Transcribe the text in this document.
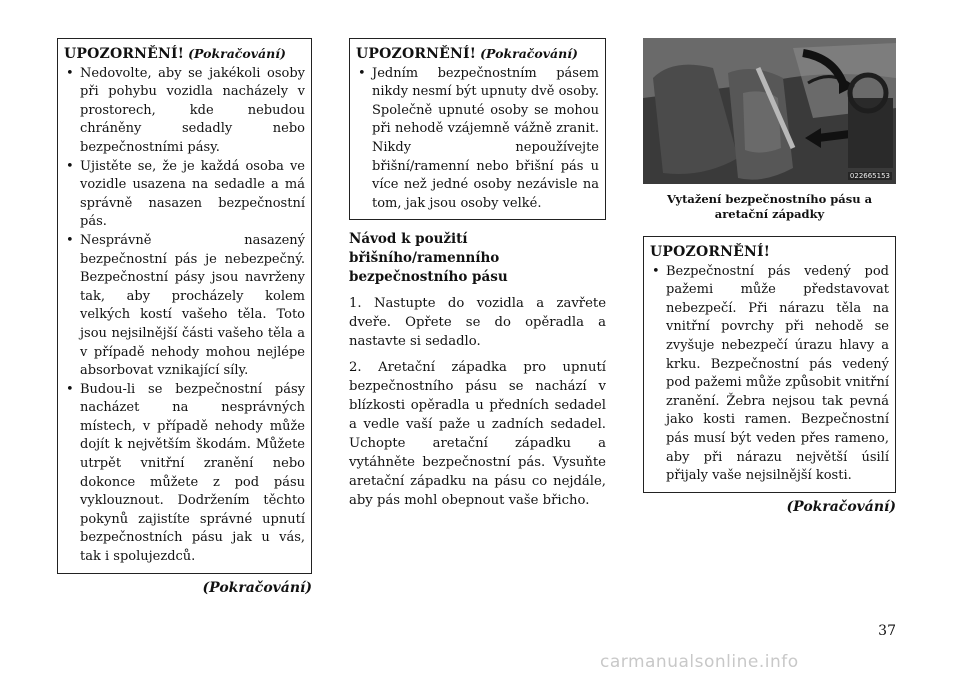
UPOZORNĚNÍ! (Pokračování)
• Nedovolte, aby se jakékoli osoby při pohybu vozidla nacházely v prostorech, kde nebudou chráněny sedadly nebo bezpečnostními pásy.
• Ujistěte se, že je každá osoba ve vozidle usazena na sedadle a má správně nasazen bezpečnostní pás.
• Nesprávně nasazený bezpečnostní pás je nebezpečný. Bezpečnostní pásy jsou navrženy tak, aby procházely kolem velkých kostí vašeho těla. Toto jsou nejsilnější části vašeho těla a v případě nehody mohou nejlépe absorbovat vznikající síly.
• Budou-li se bezpečnostní pásy nacházet na nesprávných místech, v případě nehody může dojít k největším škodám. Můžete utrpět vnitřní zranění nebo dokonce můžete z pod pásu vyklouznout. Dodržením těchto pokynů zajistíte správné upnutí bezpečnostních pásu jak u vás, tak i spolujezdců.
(Pokračování)
UPOZORNĚNÍ! (Pokračování)
• Jedním bezpečnostním pásem nikdy nesmí být upnuty dvě osoby. Společně upnuté osoby se mohou při nehodě vzájemně vážně zranit. Nikdy nepoužívejte břišní/ramenní nebo břišní pás u více než jedné osoby nezávisle na tom, jak jsou osoby velké.
Návod k použití břišního/ramenního bezpečnostního pásu
1. Nastupte do vozidla a zavřete dveře. Opřete se do opěradla a nastavte si sedadlo.
2. Aretační západka pro upnutí bezpečnostního pásu se nachází v blízkosti opěradla u předních sedadel a vedle vaší paže u zadních sedadel. Uchopte aretační západku a vytáhněte bezpečnostní pás. Vysuňte aretační západku na pásu co nejdále, aby pás mohl obepnout vaše břicho.
022665153
Vytažení bezpečnostního pásu a aretační západky
UPOZORNĚNÍ!
• Bezpečnostní pás vedený pod pažemi může představovat nebezpečí. Při nárazu těla na vnitřní povrchy při nehodě se zvyšuje nebezpečí úrazu hlavy a krku. Bezpečnostní pás vedený pod pažemi může způsobit vnitřní zranění. Žebra nejsou tak pevná jako kosti ramen. Bezpečnostní pás musí být veden přes rameno, aby při nárazu největší úsilí přijaly vaše nejsilnější kosti.
(Pokračování)
37
carmanualsonline.info
